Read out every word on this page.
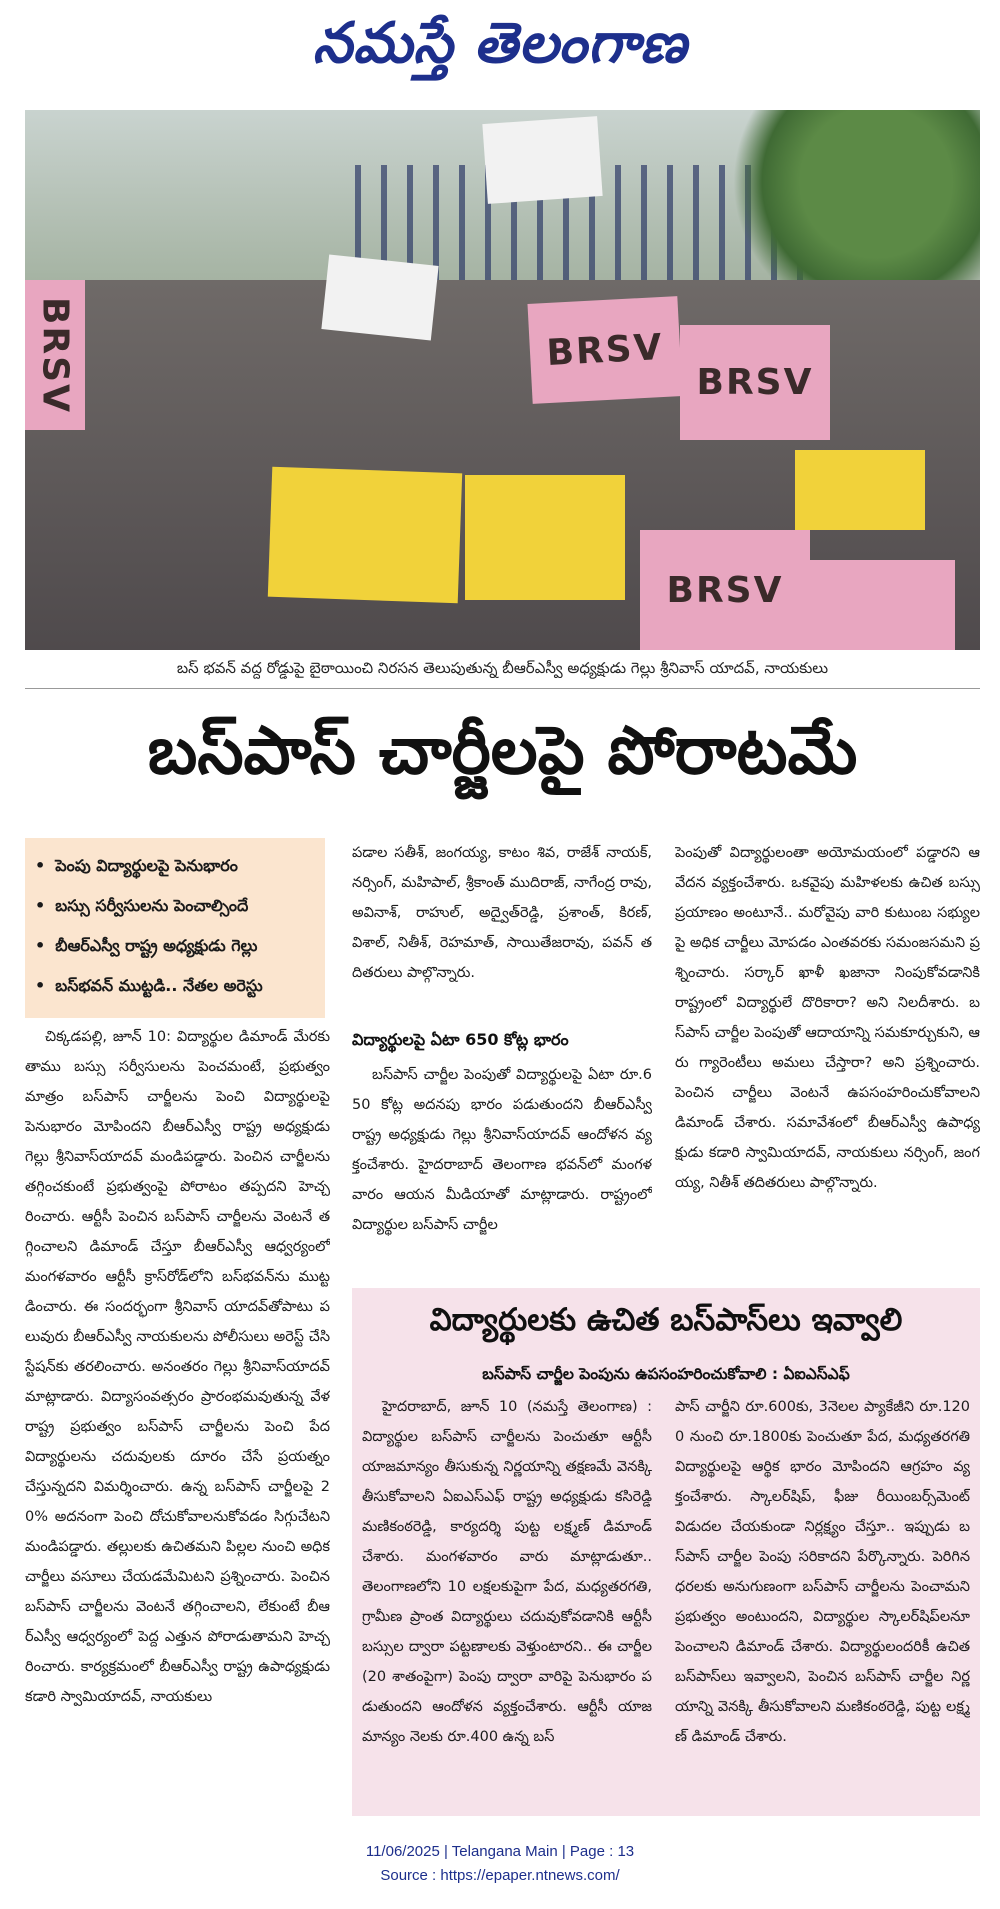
నమస్తే తెలంగాణ
BRSV	BRSV
BRSV
BRSV
బస్ భవన్ వద్ద రోడ్డుపై బైఠాయించి నిరసన తెలుపుతున్న బీఆర్ఎస్వీ అధ్యక్షుడు గెల్లు శ్రీనివాస్ యాదవ్, నాయకులు
బస్‌పాస్ చార్జీలపై పోరాటమే
• పెంపు విద్యార్థులపై పెనుభారం
• బస్సు సర్వీసులను పెంచాల్సిందే
• బీఆర్ఎస్వీ రాష్ట్ర అధ్యక్షుడు గెల్లు
• బస్‌భవన్ ముట్టడి.. నేతల అరెస్టు

చిక్కడపల్లి, జూన్ 10: విద్యార్థుల డిమాండ్ మేరకు తాము బస్సు సర్వీసులను పెంచమంటే, ప్రభుత్వం మాత్రం బస్‌పాస్ చార్జీలను పెంచి విద్యార్థులపై పెనుభారం మోపిందని బీఆర్ఎస్వీ రాష్ట్ర అధ్యక్షుడు గెల్లు శ్రీనివాస్‌యాదవ్ మండిపడ్డారు. పెంచిన చార్జీలను తగ్గించకుంటే ప్రభుత్వంపై పోరాటం తప్పదని హెచ్చరించారు. ఆర్టీసీ పెంచిన బస్‌పాస్ చార్జీలను వెంటనే తగ్గించాలని డిమాండ్ చేస్తూ బీఆర్ఎస్వీ ఆధ్వర్యంలో మంగళవారం ఆర్టీసీ క్రాస్‌రోడ్‌లోని బస్‌భవన్‌ను ముట్టడించారు. ఈ సందర్భంగా శ్రీనివాస్ యాదవ్‌తోపాటు పలువురు బీఆర్ఎస్వీ నాయకులను పోలీసులు అరెస్ట్ చేసి స్టేషన్‌కు తరలించారు. అనంతరం గెల్లు శ్రీనివాస్‌యాదవ్ మాట్లాడారు. విద్యాసంవత్సరం ప్రారంభమవుతున్న వేళ రాష్ట్ర ప్రభుత్వం బస్‌పాస్ చార్జీలను పెంచి పేద విద్యార్థులను చదువులకు దూరం చేసే ప్రయత్నం చేస్తున్నదని విమర్శించారు. ఉన్న బస్‌పాస్ చార్జీలపై 20% అదనంగా పెంచి దోచుకోవాలనుకోవడం సిగ్గుచేటని మండిపడ్డారు. తల్లులకు ఉచితమని పిల్లల నుంచి అధిక చార్జీలు వసూలు చేయడమేమిటని ప్రశ్నించారు. పెంచిన బస్‌పాస్ చార్జీలను వెంటనే తగ్గించాలని, లేకుంటే బీఆర్ఎస్వీ ఆధ్వర్యంలో పెద్ద ఎత్తున పోరాడుతామని హెచ్చరించారు. కార్యక్రమంలో బీఆర్ఎస్వీ రాష్ట్ర ఉపాధ్యక్షుడు కడారి స్వామియాదవ్, నాయకులు

పడాల సతీశ్, జంగయ్య, కాటం శివ, రాజేశ్ నాయక్, నర్సింగ్, మహిపాల్, శ్రీకాంత్ ముదిరాజ్, నాగేంద్ర రావు, అవినాశ్, రాహుల్, అద్వైత్‌రెడ్డి, ప్రశాంత్, కిరణ్, విశాల్, నితీశ్, రెహమాత్, సాయితేజరావు, పవన్ తదితరులు పాల్గొన్నారు.

విద్యార్థులపై ఏటా 650 కోట్ల భారం

బస్‌పాస్ చార్జీల పెంపుతో విద్యార్థులపై ఏటా రూ.650 కోట్ల అదనపు భారం పడుతుందని బీఆర్ఎస్వీ రాష్ట్ర అధ్యక్షుడు గెల్లు శ్రీనివాస్‌యాదవ్ ఆందోళన వ్యక్తంచేశారు. హైదరాబాద్ తెలంగాణ భవన్‌లో మంగళవారం ఆయన మీడియాతో మాట్లాడారు. రాష్ట్రంలో విద్యార్థుల బస్‌పాస్ చార్జీల

పెంపుతో విద్యార్థులంతా అయోమయంలో పడ్డారని ఆవేదన వ్యక్తంచేశారు. ఒకవైపు మహిళలకు ఉచిత బస్సు ప్రయాణం అంటూనే.. మరోవైపు వారి కుటుంబ సభ్యులపై అధిక చార్జీలు మోపడం ఎంతవరకు సమంజసమని ప్రశ్నించారు. సర్కార్ ఖాళీ ఖజానా నింపుకోవడానికి రాష్ట్రంలో విద్యార్థులే దొరికారా? అని నిలదీశారు. బస్‌పాస్ చార్జీల పెంపుతో ఆదాయాన్ని సమకూర్చుకుని, ఆరు గ్యారెంటీలు అమలు చేస్తారా? అని ప్రశ్నించారు. పెంచిన చార్జీలు వెంటనే ఉపసంహరించుకోవాలని డిమాండ్ చేశారు. సమావేశంలో బీఆర్ఎస్వీ ఉపాధ్యక్షుడు కడారి స్వామియాదవ్, నాయకులు నర్సింగ్, జంగయ్య, నితీశ్ తదితరులు పాల్గొన్నారు.

విద్యార్థులకు ఉచిత బస్‌పాస్‌లు ఇవ్వాలి
బస్‌పాస్ చార్జీల పెంపును ఉపసంహరించుకోవాలి : ఏఐఎస్ఎఫ్

హైదరాబాద్, జూన్ 10 (నమస్తే తెలంగాణ) : విద్యార్థుల బస్‌పాస్ చార్జీలను పెంచుతూ ఆర్టీసీ యాజమాన్యం తీసుకున్న నిర్ణయాన్ని తక్షణమే వెనక్కి తీసుకోవాలని ఏఐఎస్ఎఫ్ రాష్ట్ర అధ్యక్షుడు కసిరెడ్డి మణికంఠరెడ్డి, కార్యదర్శి పుట్ట లక్ష్మణ్ డిమాండ్ చేశారు. మంగళవారం వారు మాట్లాడుతూ.. తెలంగాణలోని 10 లక్షలకుపైగా పేద, మధ్యతరగతి, గ్రామీణ ప్రాంత విద్యార్థులు చదువుకోవడానికి ఆర్టీసీ బస్సుల ద్వారా పట్టణాలకు వెళ్తుంటారని.. ఈ చార్జీల(20 శాతంపైగా) పెంపు ద్వారా వారిపై పెనుభారం పడుతుందని ఆందోళన వ్యక్తంచేశారు. ఆర్టీసీ యాజమాన్యం నెలకు రూ.400 ఉన్న బస్

పాస్ చార్జీని రూ.600కు, 3నెలల ప్యాకేజీని రూ.1200 నుంచి రూ.1800కు పెంచుతూ పేద, మధ్యతరగతి విద్యార్థులపై ఆర్థిక భారం మోపిందని ఆగ్రహం వ్యక్తంచేశారు. స్కాలర్‌షిప్, ఫీజు రీయింబర్స్‌మెంట్ విడుదల చేయకుండా నిర్లక్ష్యం చేస్తూ.. ఇప్పుడు బస్‌పాస్ చార్జీల పెంపు సరికాదని పేర్కొన్నారు. పెరిగిన ధరలకు అనుగుణంగా బస్‌పాస్ చార్జీలను పెంచామని ప్రభుత్వం అంటుందని, విద్యార్థుల స్కాలర్‌షిప్‌లనూ పెంచాలని డిమాండ్ చేశారు. విద్యార్థులందరికీ ఉచిత బస్‌పాస్‌లు ఇవ్వాలని, పెంచిన బస్‌పాస్ చార్జీల నిర్ణయాన్ని వెనక్కి తీసుకోవాలని మణికంఠరెడ్డి, పుట్ట లక్ష్మణ్ డిమాండ్ చేశారు.

11/06/2025 | Telangana Main | Page : 13
Source : https://epaper.ntnews.com/
